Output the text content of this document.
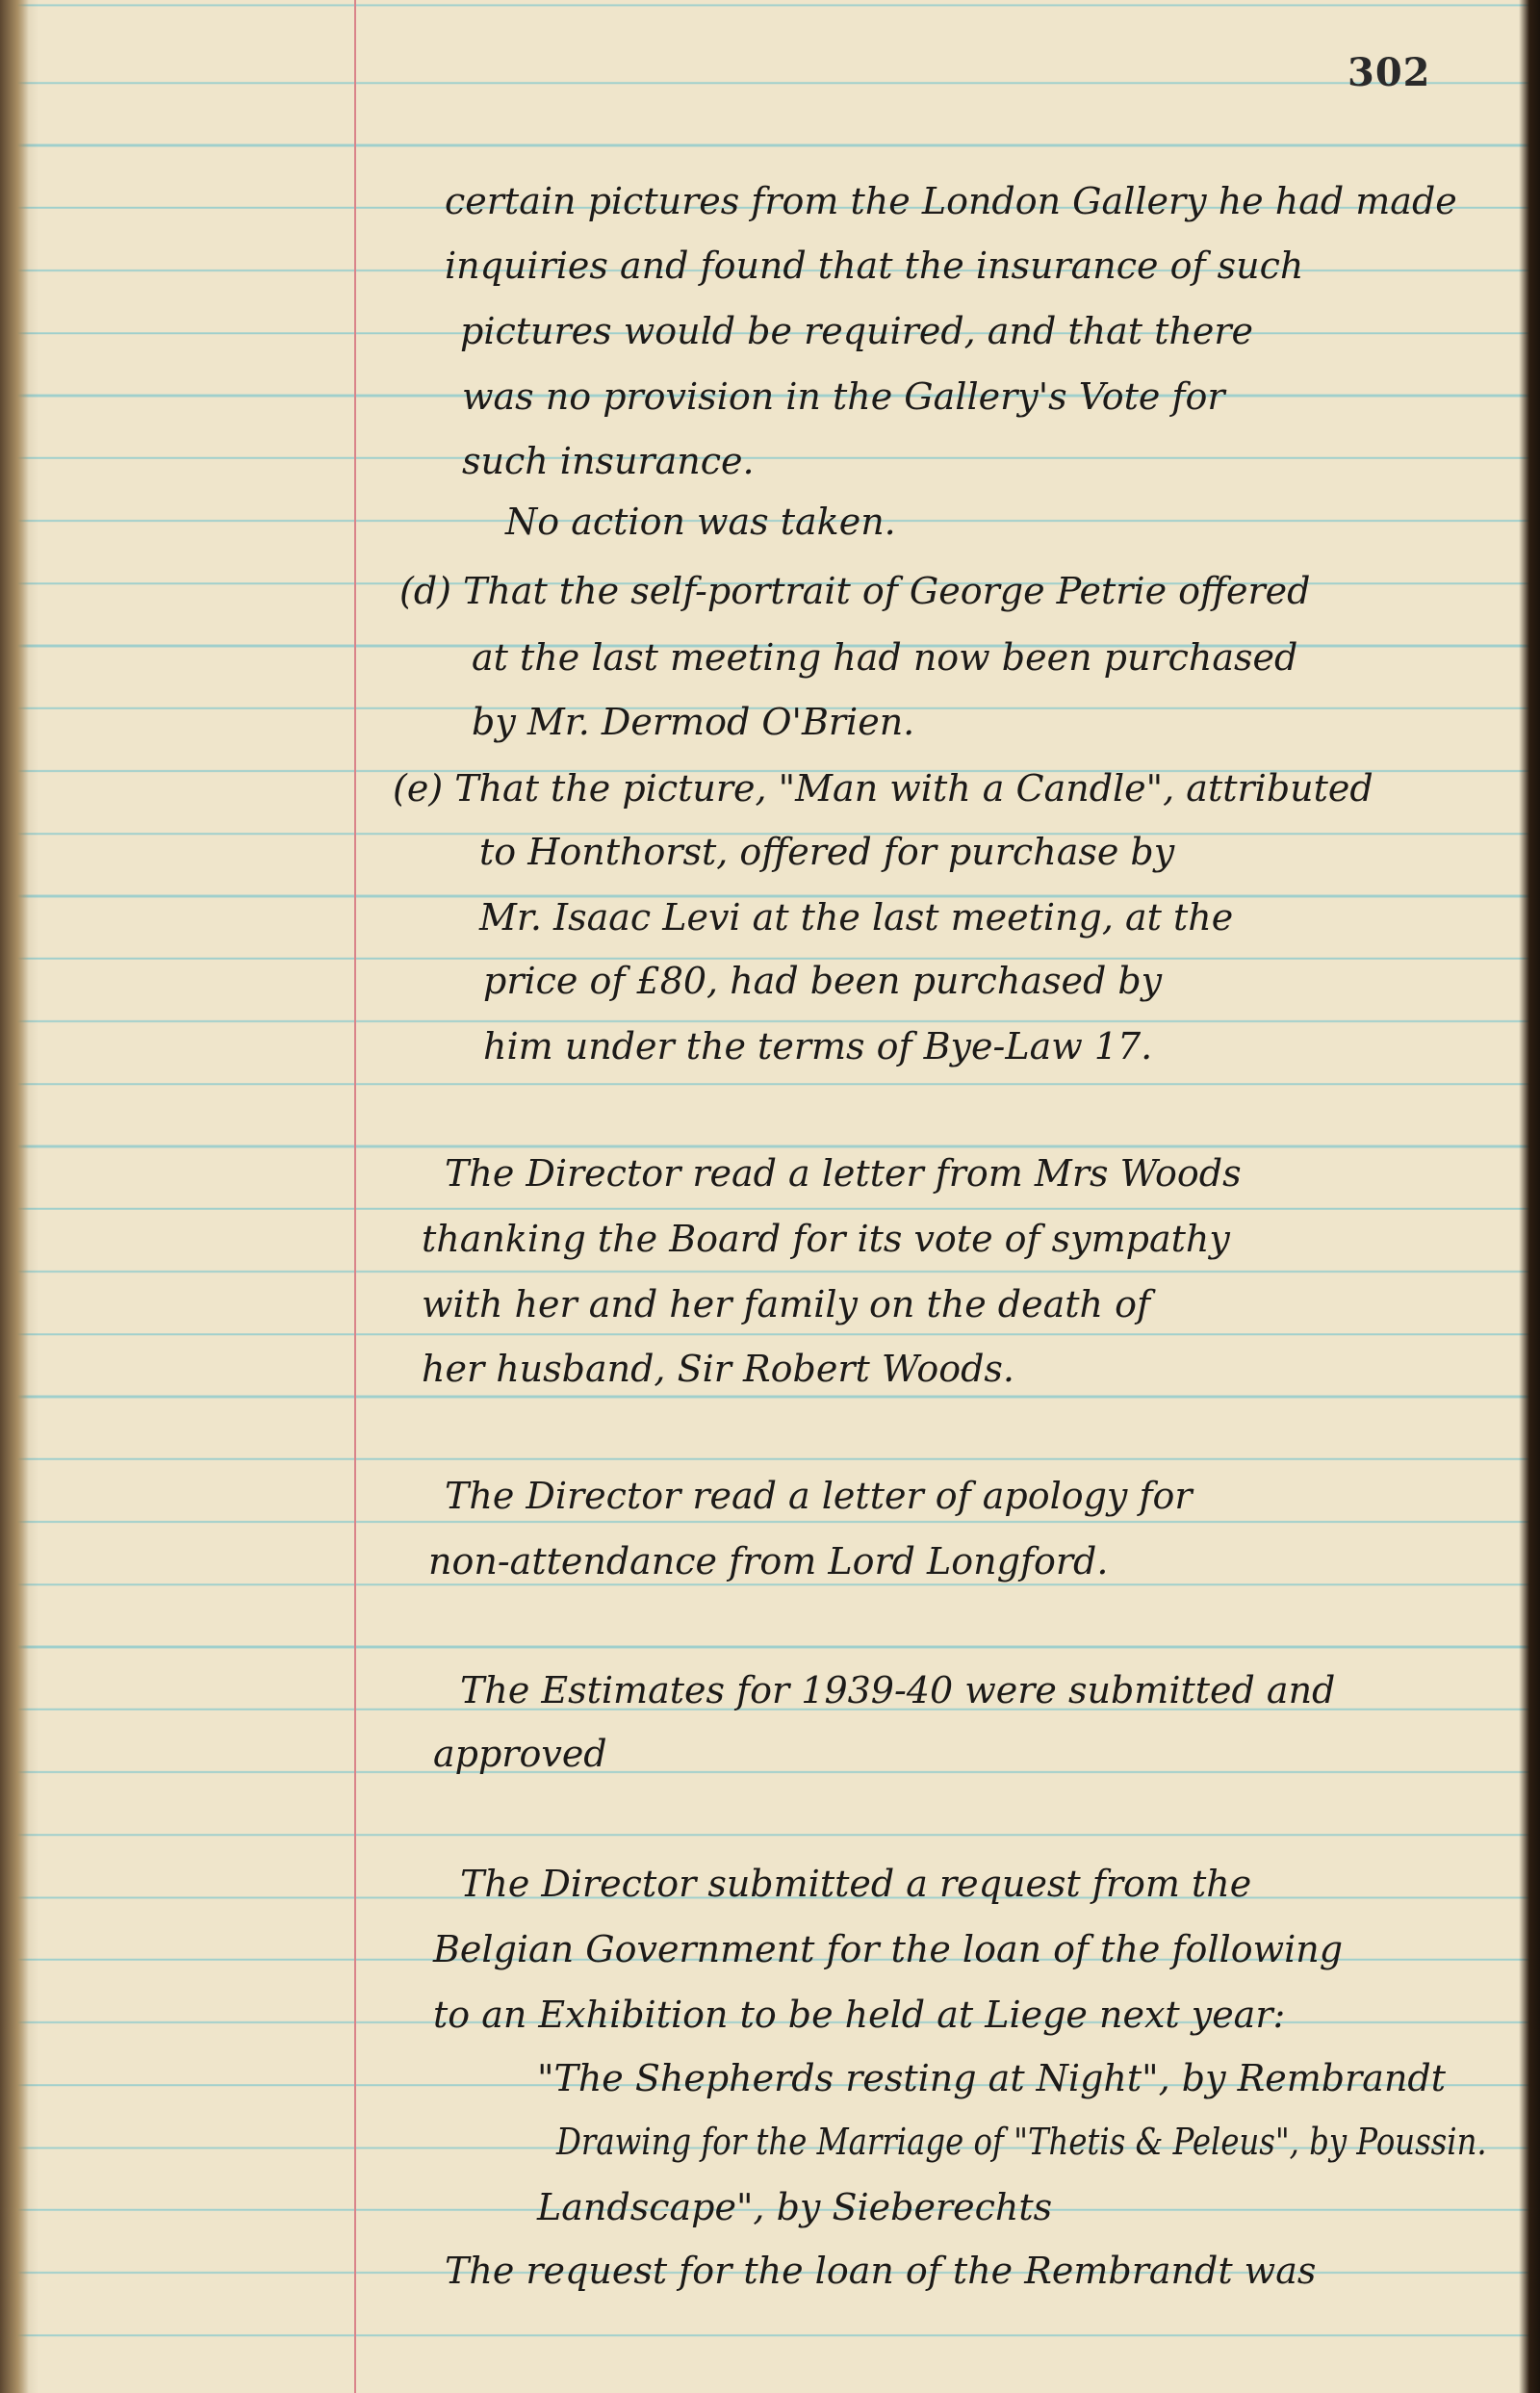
302
certain pictures from the London Gallery he had made
inquiries and found that the insurance of such
pictures would be required, and that there
was no provision in the Gallery's Vote for
such insurance.
No action was taken.
(d) That the self-portrait of George Petrie offered
at the last meeting had now been purchased
by Mr. Dermod O'Brien.
(e) That the picture, "Man with a Candle", attributed
to Honthorst, offered for purchase by
Mr. Isaac Levi at the last meeting, at the
price of £80, had been purchased by
him under the terms of Bye-Law 17.
The Director read a letter from Mrs Woods
thanking the Board for its vote of sympathy
with her and her family on the death of
her husband, Sir Robert Woods.
The Director read a letter of apology for
non-attendance from Lord Longford.
The Estimates for 1939-40 were submitted and
approved
The Director submitted a request from the
Belgian Government for the loan of the following
to an Exhibition to be held at Liege next year:
"The Shepherds resting at Night", by Rembrandt
Drawing for the Marriage of "Thetis & Peleus", by Poussin.
Landscape", by Sieberechts
The request for the loan of the Rembrandt was
